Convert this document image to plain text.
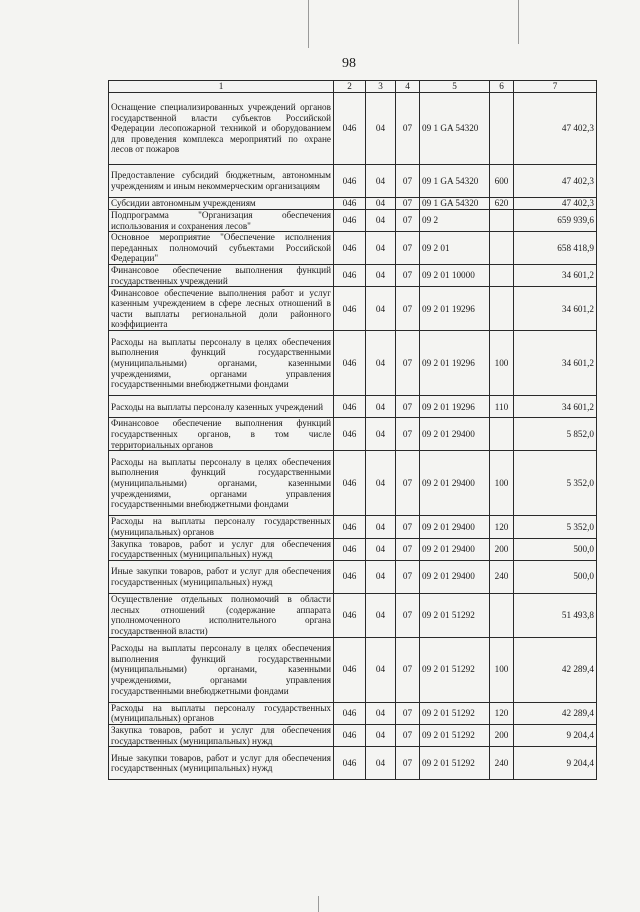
98
1	2	3	4	5	6	7
Оснащение специализированных учреждений органов государственной власти субъектов Российской Федерации лесопожарной техникой и оборудованием для проведения комплекса мероприятий по охране лесов от пожаров	046	04	07	09 1 GA 54320		47 402,3
Предоставление субсидий бюджетным, автономным учреждениям и иным некоммерческим организациям	046	04	07	09 1 GA 54320	600	47 402,3
Субсидии автономным учреждениям	046	04	07	09 1 GA 54320	620	47 402,3
Подпрограмма "Организация обеспечения использования и сохранения лесов"	046	04	07	09 2		659 939,6
Основное мероприятие "Обеспечение исполнения переданных полномочий субъектами Российской Федерации"	046	04	07	09 2 01		658 418,9
Финансовое обеспечение выполнения функций государственных учреждений	046	04	07	09 2 01 10000		34 601,2
Финансовое обеспечение выполнения работ и услуг казенным учреждением в сфере лесных отношений в части выплаты региональной доли районного коэффициента	046	04	07	09 2 01 19296		34 601,2
Расходы на выплаты персоналу в целях обеспечения выполнения функций государственными (муниципальными) органами, казенными учреждениями, органами управления государственными внебюджетными фондами	046	04	07	09 2 01 19296	100	34 601,2
Расходы на выплаты персоналу казенных учреждений	046	04	07	09 2 01 19296	110	34 601,2
Финансовое обеспечение выполнения функций государственных органов, в том числе территориальных органов	046	04	07	09 2 01 29400		5 852,0
Расходы на выплаты персоналу в целях обеспечения выполнения функций государственными (муниципальными) органами, казенными учреждениями, органами управления государственными внебюджетными фондами	046	04	07	09 2 01 29400	100	5 352,0
Расходы на выплаты персоналу государственных (муниципальных) органов	046	04	07	09 2 01 29400	120	5 352,0
Закупка товаров, работ и услуг для обеспечения государственных (муниципальных) нужд	046	04	07	09 2 01 29400	200	500,0
Иные закупки товаров, работ и услуг для обеспечения государственных (муниципальных) нужд	046	04	07	09 2 01 29400	240	500,0
Осуществление отдельных полномочий в области лесных отношений (содержание аппарата уполномоченного исполнительного органа государственной власти)	046	04	07	09 2 01 51292		51 493,8
Расходы на выплаты персоналу в целях обеспечения выполнения функций государственными (муниципальными) органами, казенными учреждениями, органами управления государственными внебюджетными фондами	046	04	07	09 2 01 51292	100	42 289,4
Расходы на выплаты персоналу государственных (муниципальных) органов	046	04	07	09 2 01 51292	120	42 289,4
Закупка товаров, работ и услуг для обеспечения государственных (муниципальных) нужд	046	04	07	09 2 01 51292	200	9 204,4
Иные закупки товаров, работ и услуг для обеспечения государственных (муниципальных) нужд	046	04	07	09 2 01 51292	240	9 204,4
